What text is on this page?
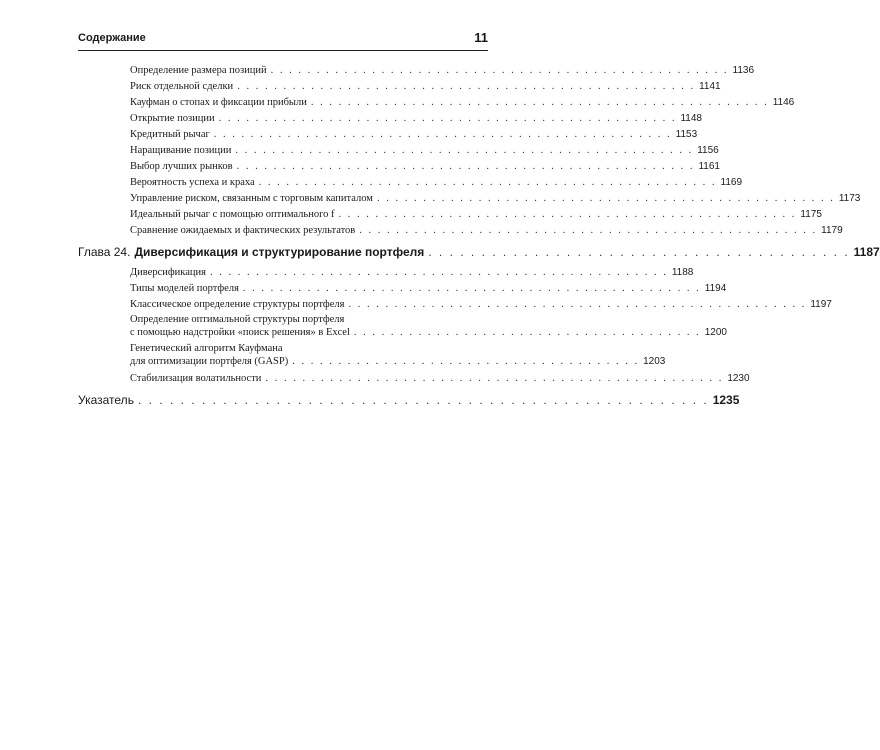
Содержание	11
Определение размера позиций . . . . . . . . . . . . . . . . . . . . . . . . . . . . . . . . . . . . . . . . . . . . . . . . . . 1136
Риск отдельной сделки . . . . . . . . . . . . . . . . . . . . . . . . . . . . . . . . . . . . . . . . . . . . . . . . . . 1141
Кауфман о стопах и фиксации прибыли . . . . . . . . . . . . . . . . . . . . . . . . . . . . . . . . . . . . . . . . . . . . . . . . . . 1146
Открытие позиции . . . . . . . . . . . . . . . . . . . . . . . . . . . . . . . . . . . . . . . . . . . . . . . . . . 1148
Кредитный рычаг . . . . . . . . . . . . . . . . . . . . . . . . . . . . . . . . . . . . . . . . . . . . . . . . . . 1153
Наращивание позиции . . . . . . . . . . . . . . . . . . . . . . . . . . . . . . . . . . . . . . . . . . . . . . . . . . 1156
Выбор лучших рынков . . . . . . . . . . . . . . . . . . . . . . . . . . . . . . . . . . . . . . . . . . . . . . . . . . 1161
Вероятность успеха и краха . . . . . . . . . . . . . . . . . . . . . . . . . . . . . . . . . . . . . . . . . . . . . . . . . . 1169
Управление риском, связанным с торговым капиталом . . . . . . . . . . . . . . . . . . . . . . . . . . . . . . . . . . . . . . . . . . . . . . . . . . 1173
Идеальный рычаг с помощью оптимального f . . . . . . . . . . . . . . . . . . . . . . . . . . . . . . . . . . . . . . . . . . . . . . . . . . 1175
Сравнение ожидаемых и фактических результатов . . . . . . . . . . . . . . . . . . . . . . . . . . . . . . . . . . . . . . . . . . . . . . . . . . 1179
Глава 24. Диверсификация и структурирование портфеля . . . . . . . . . . . . . . . . . . . . . . . . . . . . . . . . . . . . . . . . 1187
Диверсификация . . . . . . . . . . . . . . . . . . . . . . . . . . . . . . . . . . . . . . . . . . . . . . . . . . 1188
Типы моделей портфеля . . . . . . . . . . . . . . . . . . . . . . . . . . . . . . . . . . . . . . . . . . . . . . . . . . 1194
Классическое определение структуры портфеля . . . . . . . . . . . . . . . . . . . . . . . . . . . . . . . . . . . . . . . . . . . . . . . . . . 1197
Определение оптимальной структуры портфеля
с помощью надстройки «поиск решения» в Excel . . . . . . . . . . . . . . . . . . . . . . . . . . . . . . . . . . . . . . 1200
Генетический алгоритм Кауфмана
для оптимизации портфеля (GASP) . . . . . . . . . . . . . . . . . . . . . . . . . . . . . . . . . . . . . . 1203
Стабилизация волатильности . . . . . . . . . . . . . . . . . . . . . . . . . . . . . . . . . . . . . . . . . . . . . . . . . . 1230
Указатель . . . . . . . . . . . . . . . . . . . . . . . . . . . . . . . . . . . . . . . . . . . . . . . . . . . . . . 1235
